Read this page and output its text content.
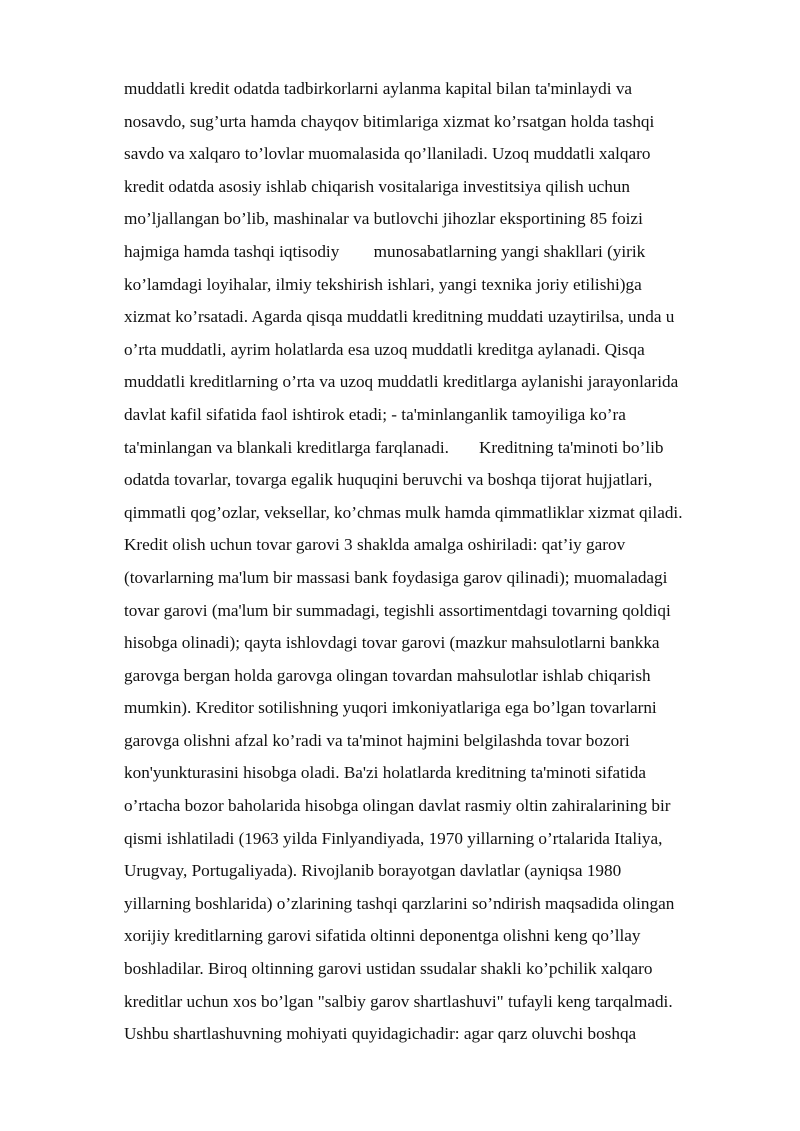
muddatli kredit odatda tadbirkorlarni aylanma kapital bilan ta'minlaydi va
nosavdo, sug’urta hamda chayqov bitimlariga xizmat ko’rsatgan holda tashqi
savdo va xalqaro to’lovlar muomalasida qo’llaniladi. Uzoq muddatli xalqaro
kredit odatda asosiy ishlab chiqarish vositalariga investitsiya qilish uchun
mo’ljallangan bo’lib, mashinalar va butlovchi jihozlar eksportining 85 foizi
hajmiga hamda tashqi iqtisodiy        munosabatlarning yangi shakllari (yirik
ko’lamdagi loyihalar, ilmiy tekshirish ishlari, yangi texnika joriy etilishi)ga
xizmat ko’rsatadi. Agarda qisqa muddatli kreditning muddati uzaytirilsa, unda u
o’rta muddatli, ayrim holatlarda esa uzoq muddatli kreditga aylanadi. Qisqa
muddatli kreditlarning o’rta va uzoq muddatli kreditlarga aylanishi jarayonlarida
davlat kafil sifatida faol ishtirok etadi; - ta'minlanganlik tamoyiliga ko’ra
ta'minlangan va blankali kreditlarga farqlanadi.       Kreditning ta'minoti bo’lib
odatda tovarlar, tovarga egalik huquqini beruvchi va boshqa tijorat hujjatlari,
qimmatli qog’ozlar, veksellar, ko’chmas mulk hamda qimmatliklar xizmat qiladi.
Kredit olish uchun tovar garovi 3 shaklda amalga oshiriladi: qat’iy garov
(tovarlarning ma'lum bir massasi bank foydasiga garov qilinadi); muomaladagi
tovar garovi (ma'lum bir summadagi, tegishli assortimentdagi tovarning qoldiqi
hisobga olinadi); qayta ishlovdagi tovar garovi (mazkur mahsulotlarni bankka
garovga bergan holda garovga olingan tovardan mahsulotlar ishlab chiqarish
mumkin). Kreditor sotilishning yuqori imkoniyatlariga ega bo’lgan tovarlarni
garovga olishni afzal ko’radi va ta'minot hajmini belgilashda tovar bozori
kon'yunkturasini hisobga oladi. Ba'zi holatlarda kreditning ta'minoti sifatida
o’rtacha bozor baholarida hisobga olingan davlat rasmiy oltin zahiralarining bir
qismi ishlatiladi (1963 yilda Finlyandiyada, 1970 yillarning o’rtalarida Italiya,
Urugvay, Portugaliyada). Rivojlanib borayotgan davlatlar (ayniqsa 1980
yillarning boshlarida) o’zlarining tashqi qarzlarini so’ndirish maqsadida olingan
xorijiy kreditlarning garovi sifatida oltinni deponentga olishni keng qo’llay
boshladilar. Biroq oltinning garovi ustidan ssudalar shakli ko’pchilik xalqaro
kreditlar uchun xos bo’lgan "salbiy garov shartlashuvi" tufayli keng tarqalmadi.
Ushbu shartlashuvning mohiyati quyidagichadir: agar qarz oluvchi boshqa
